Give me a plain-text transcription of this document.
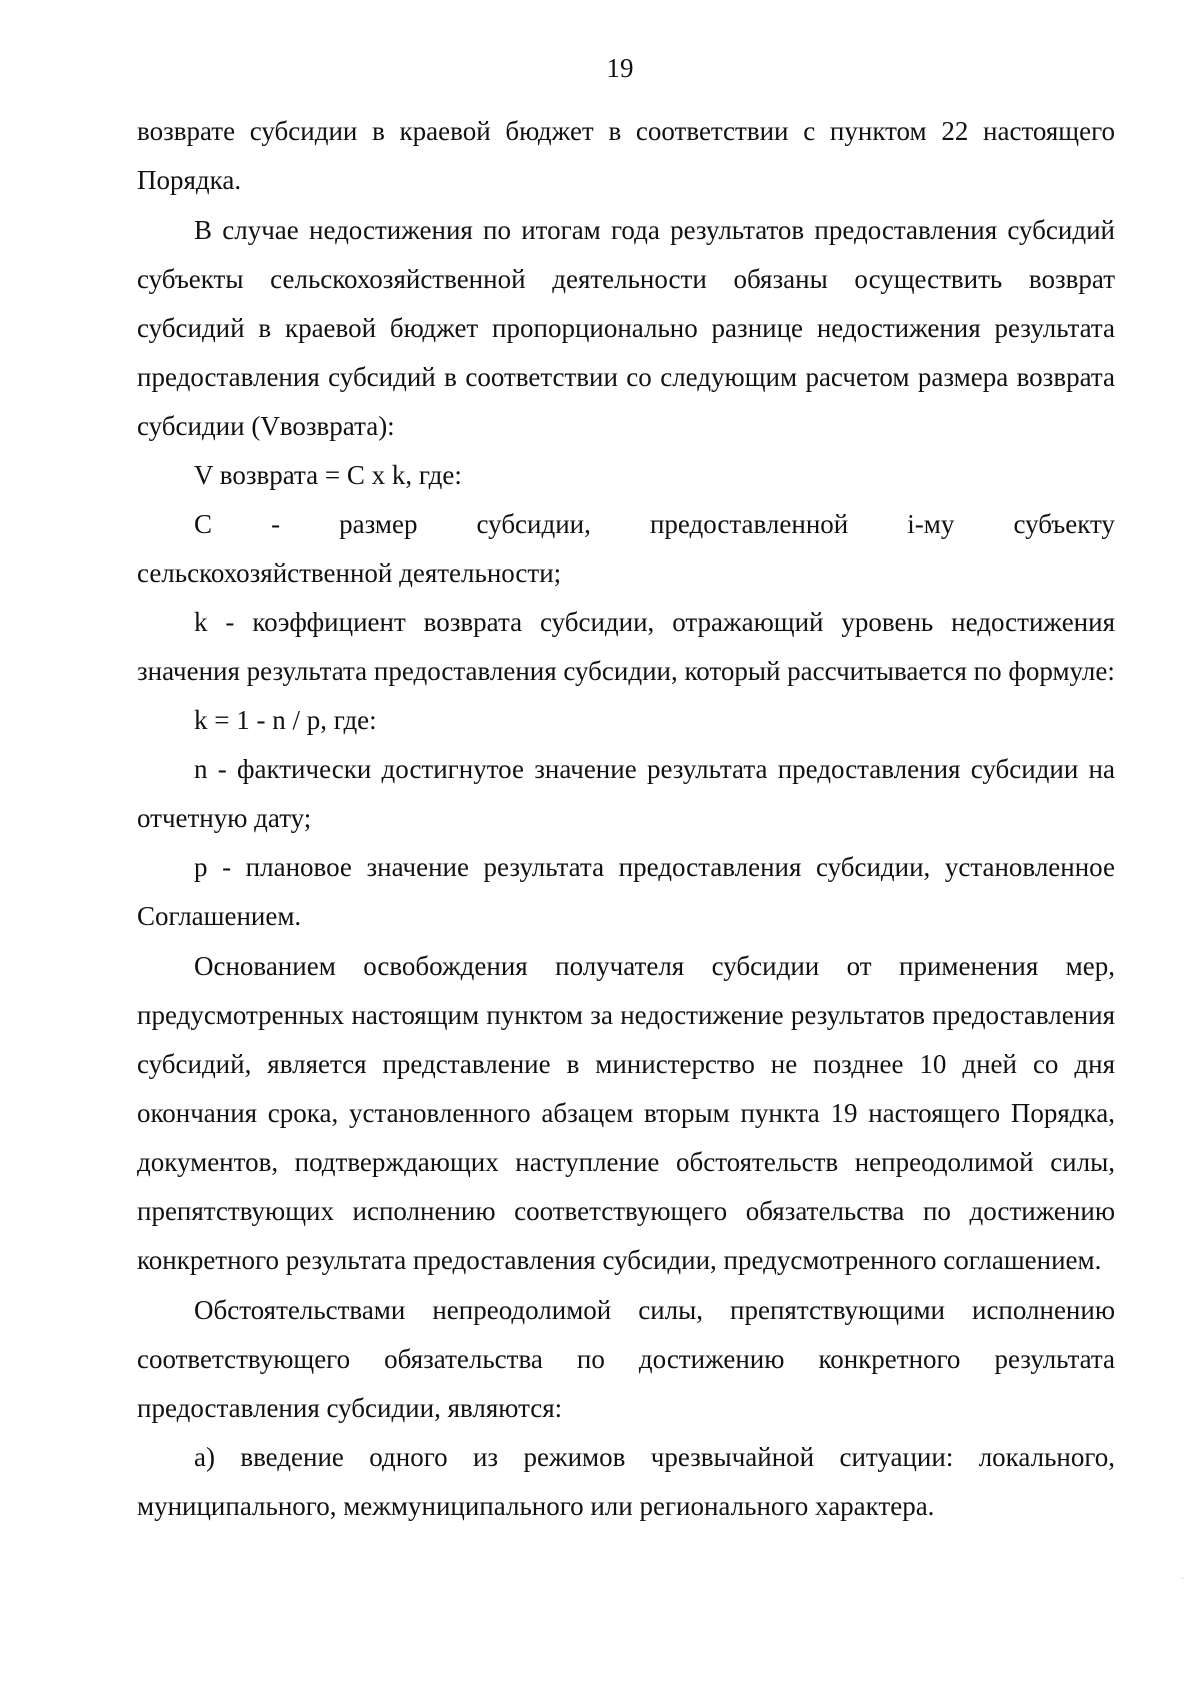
19

возврате субсидии в краевой бюджет в соответствии с пунктом 22 настоящего Порядка.

В случае недостижения по итогам года результатов предоставления субсидий субъекты сельскохозяйственной деятельности обязаны осуществить возврат субсидий в краевой бюджет пропорционально разнице недостижения результата предоставления субсидий в соответствии со следующим расчетом размера возврата субсидии (Vвозврата):

V возврата = С х k, где:

С - размер субсидии, предоставленной i-му субъекту

сельскохозяйственной деятельности;

k - коэффициент возврата субсидии, отражающий уровень недостижения значения результата предоставления субсидии, который рассчитывается по формуле:

k = 1 - n / p, где:

n - фактически достигнутое значение результата предоставления субсидии на отчетную дату;

р - плановое значение результата предоставления субсидии, установленное Соглашением.

Основанием освобождения получателя субсидии от применения мер, предусмотренных настоящим пунктом за недостижение результатов предоставления субсидий, является представление в министерство не позднее 10 дней со дня окончания срока, установленного абзацем вторым пункта 19 настоящего Порядка, документов, подтверждающих наступление обстоятельств непреодолимой силы, препятствующих исполнению соответствующего обязательства по достижению конкретного результата предоставления субсидии, предусмотренного соглашением.

Обстоятельствами непреодолимой силы, препятствующими исполнению соответствующего обязательства по достижению конкретного результата предоставления субсидии, являются:

а) введение одного из режимов чрезвычайной ситуации: локального, муниципального, межмуниципального или регионального характера.

·
